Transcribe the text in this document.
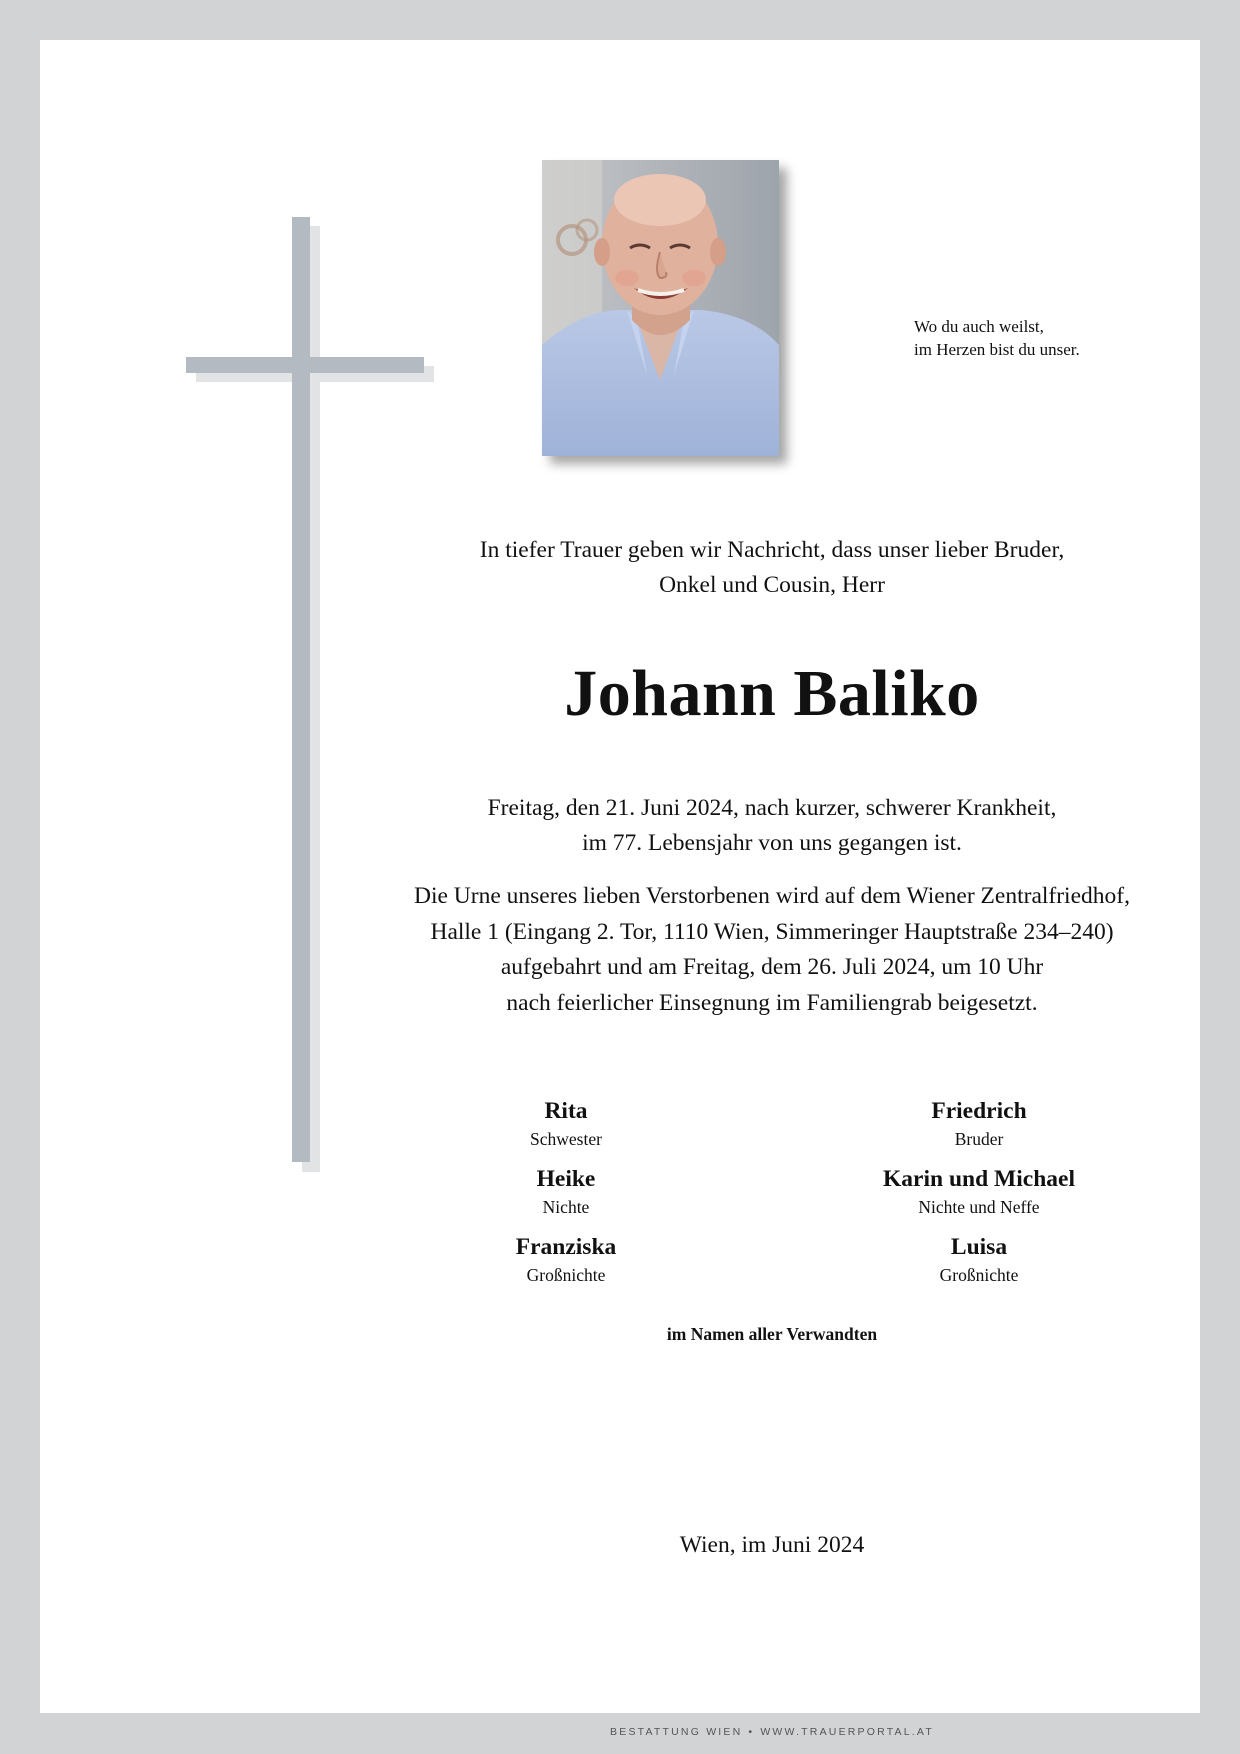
Wo du auch weilst,
im Herzen bist du unser.
In tiefer Trauer geben wir Nachricht, dass unser lieber Bruder,
Onkel und Cousin, Herr
Johann Baliko
Freitag, den 21. Juni 2024, nach kurzer, schwerer Krankheit,
im 77. Lebensjahr von uns gegangen ist.
Die Urne unseres lieben Verstorbenen wird auf dem Wiener Zentralfriedhof,
Halle 1 (Eingang 2. Tor, 1110 Wien, Simmeringer Hauptstraße 234–240)
aufgebahrt und am Freitag, dem 26. Juli 2024, um 10 Uhr
nach feierlicher Einsegnung im Familiengrab beigesetzt.
Rita
Schwester
Friedrich
Bruder
Heike
Nichte
Karin und Michael
Nichte und Neffe
Franziska
Großnichte
Luisa
Großnichte
im Namen aller Verwandten
Wien, im Juni 2024
BESTATTUNG WIEN • WWW.TRAUERPORTAL.AT
